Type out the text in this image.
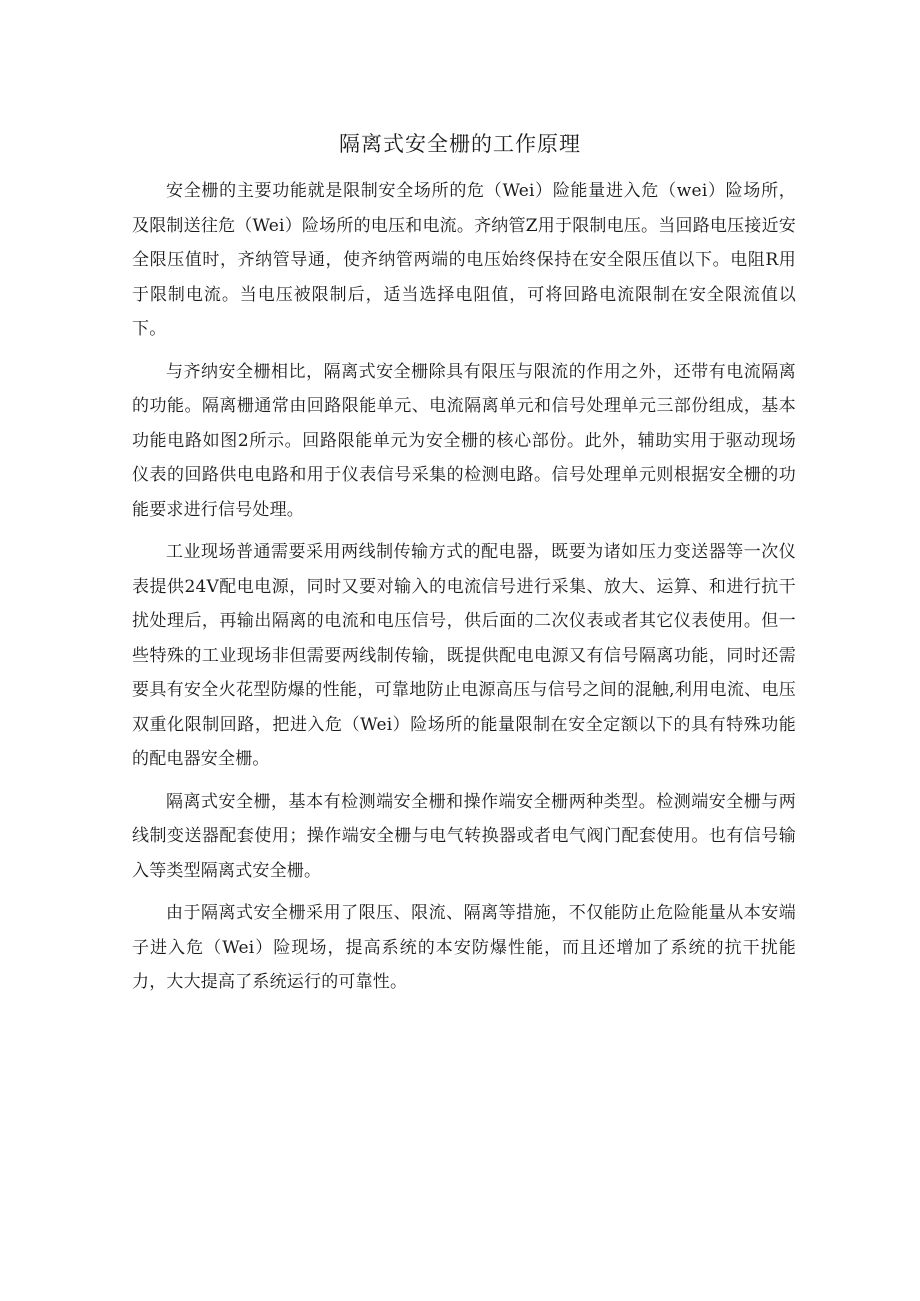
隔离式安全栅的工作原理

安全栅的主要功能就是限制安全场所的危（Wei）险能量进入危（wei）险场所，及限制送往危（Wei）险场所的电压和电流。齐纳管Z用于限制电压。当回路电压接近安全限压值时，齐纳管导通，使齐纳管两端的电压始终保持在安全限压值以下。电阻R用于限制电流。当电压被限制后，适当选择电阻值，可将回路电流限制在安全限流值以下。

与齐纳安全栅相比，隔离式安全栅除具有限压与限流的作用之外，还带有电流隔离的功能。隔离栅通常由回路限能单元、电流隔离单元和信号处理单元三部份组成，基本功能电路如图2所示。回路限能单元为安全栅的核心部份。此外，辅助实用于驱动现场仪表的回路供电电路和用于仪表信号采集的检测电路。信号处理单元则根据安全栅的功能要求进行信号处理。

工业现场普通需要采用两线制传输方式的配电器，既要为诸如压力变送器等一次仪表提供24V配电电源，同时又要对输入的电流信号进行采集、放大、运算、和进行抗干扰处理后，再输出隔离的电流和电压信号，供后面的二次仪表或者其它仪表使用。但一些特殊的工业现场非但需要两线制传输，既提供配电电源又有信号隔离功能，同时还需要具有安全火花型防爆的性能，可靠地防止电源高压与信号之间的混触,利用电流、电压双重化限制回路，把进入危（Wei）险场所的能量限制在安全定额以下的具有特殊功能的配电器安全栅。

隔离式安全栅，基本有检测端安全栅和操作端安全栅两种类型。检测端安全栅与两线制变送器配套使用；操作端安全栅与电气转换器或者电气阀门配套使用。也有信号输入等类型隔离式安全栅。

由于隔离式安全栅采用了限压、限流、隔离等措施，不仅能防止危险能量从本安端子进入危（Wei）险现场，提高系统的本安防爆性能，而且还增加了系统的抗干扰能力，大大提高了系统运行的可靠性。
